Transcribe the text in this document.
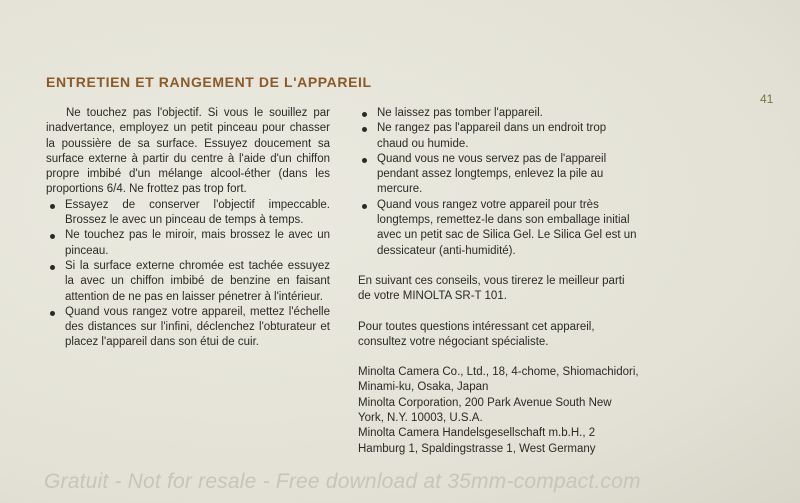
ENTRETIEN ET RANGEMENT DE L'APPAREIL
41

Ne touchez pas l'objectif. Si vous le souillez par inadvertance, employez un petit pinceau pour chasser la poussière de sa surface. Essuyez doucement sa surface externe à partir du centre à l'aide d'un chiffon propre imbibé d'un mélange alcool-éther (dans les proportions 6/4. Ne frottez pas trop fort.

Essayez de conserver l'objectif impeccable. Brossez le avec un pinceau de temps à temps.
Ne touchez pas le miroir, mais brossez le avec un pinceau.
Si la surface externe chromée est tachée essuyez la avec un chiffon imbibé de benzine en faisant attention de ne pas en laisser pénetrer à l'intérieur.
Quand vous rangez votre appareil, mettez l'échelle des distances sur l'infini, déclenchez l'obturateur et placez l'appareil dans son étui de cuir.
Ne laissez pas tomber l'appareil.
Ne rangez pas l'appareil dans un endroit trop chaud ou humide.
Quand vous ne vous servez pas de l'appareil pendant assez longtemps, enlevez la pile au mercure.
Quand vous rangez votre appareil pour très longtemps, remettez-le dans son emballage initial avec un petit sac de Silica Gel. Le Silica Gel est un dessicateur (anti-humidité).

En suivant ces conseils, vous tirerez le meilleur parti de votre MINOLTA SR-T 101.

Pour toutes questions intéressant cet appareil, consultez votre négociant spécialiste.

Minolta Camera Co., Ltd., 18, 4-chome, Shiomachidori, Minami-ku, Osaka, Japan

Minolta Corporation, 200 Park Avenue South New York, N.Y. 10003, U.S.A.

Minolta Camera Handelsgesellschaft m.b.H., 2 Hamburg 1, Spaldingstrasse 1, West Germany

Gratuit - Not for resale - Free download at 35mm-compact.com
